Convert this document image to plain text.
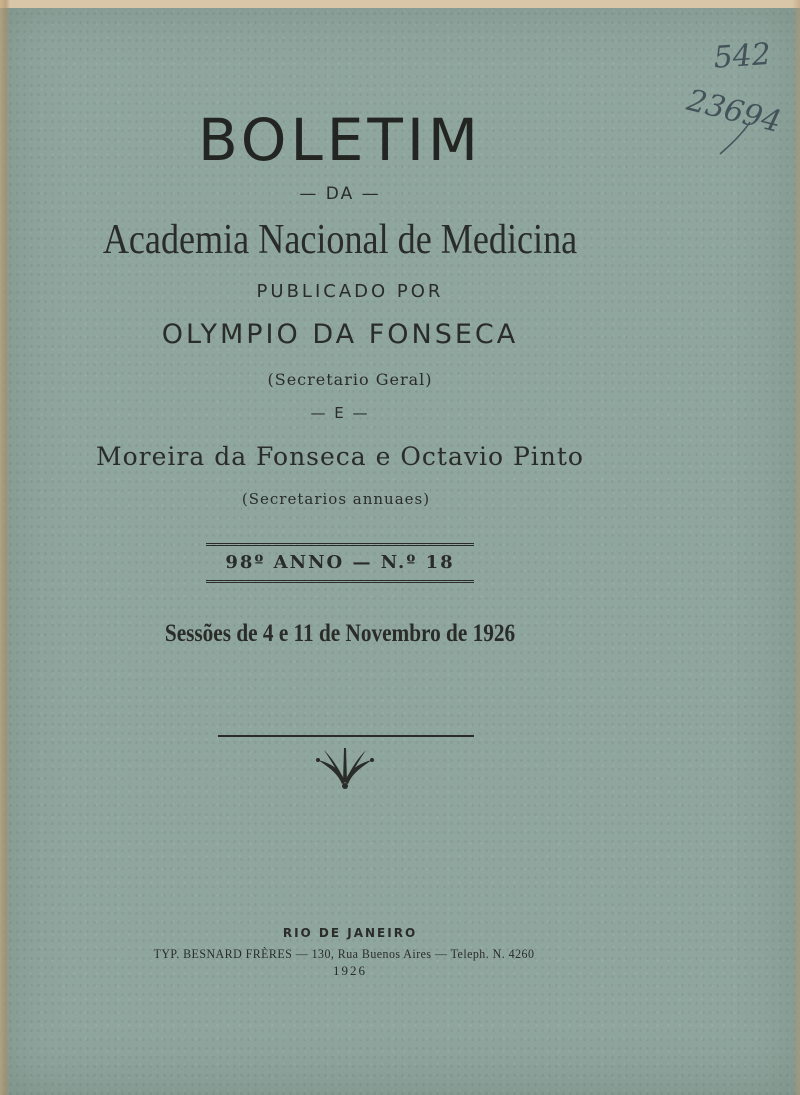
542
23694
BOLETIM
— DA —
Academia Nacional de Medicina
PUBLICADO POR
OLYMPIO DA FONSECA
(Secretario Geral)
— E —
Moreira da Fonseca e Octavio Pinto
(Secretarios annuaes)
98º ANNO — N.º 18
Sessões de 4 e 11 de Novembro de 1926
RIO DE JANEIRO
TYP. BESNARD FRÈRES — 130, Rua Buenos Aires — Teleph. N. 4260
1926
